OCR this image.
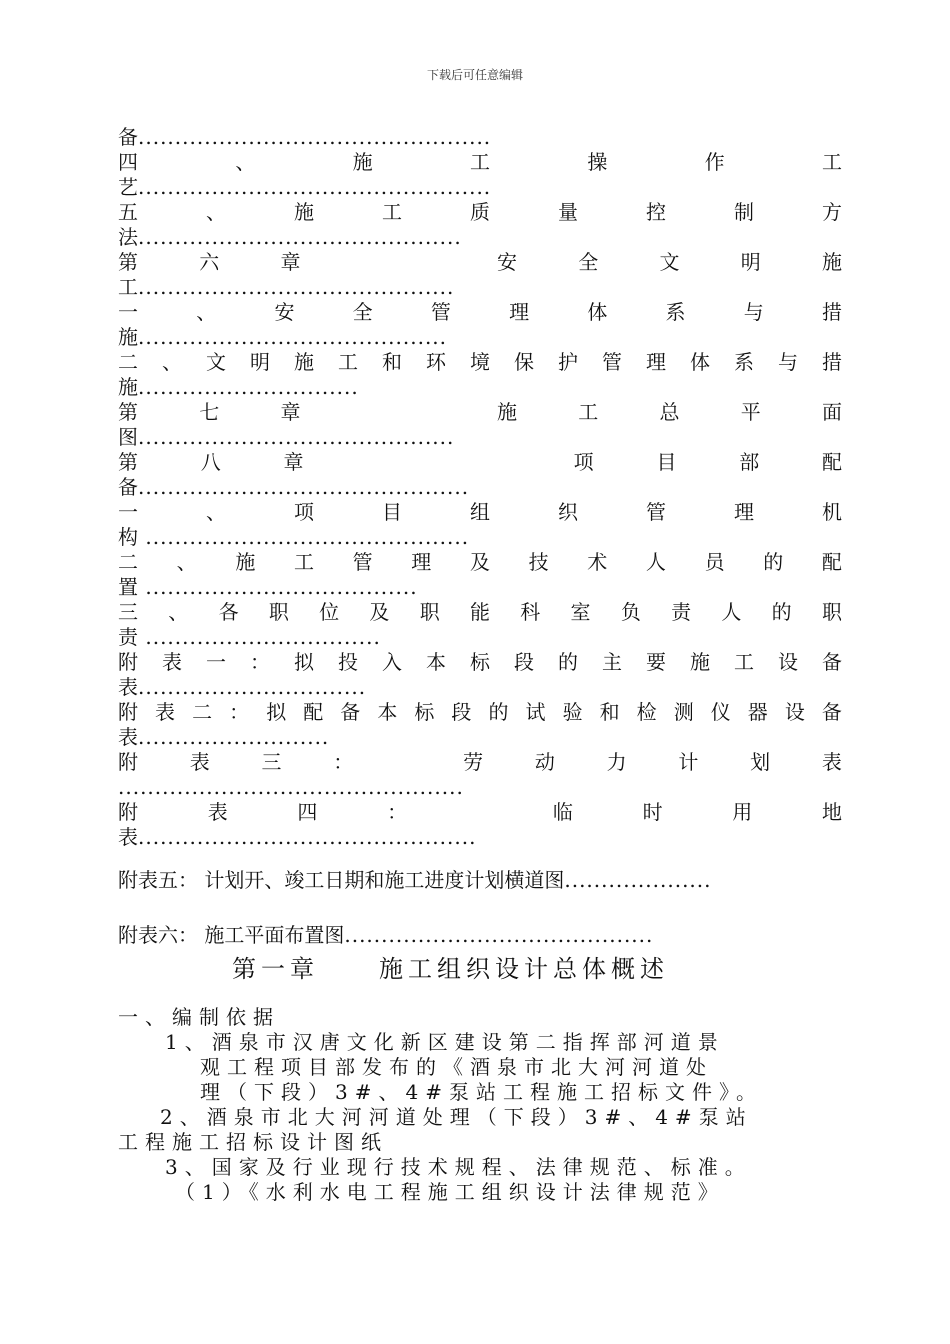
下载后可任意编辑
备................................................
四	、	施	工	操	作	工
艺................................................
五	、	施	工	质	量	控	制	方
法............................................
第	六	章

	安	全	文	明	施
工...........................................
一	、	安	全	管	理	体	系	与	措
施..........................................
二 、 文 明 施 工 和 环 境 保 护 管 理 体 系 与 措
施..............................
第	七	章

	施	工	总	平	面
图...........................................
第	八	章

	项	目	部	配
备.............................................
一	、	项	目	组	织	管	理	机
构 ............................................
二 、 施 工 管 理 及 技 术 人 员 的 配
置 .....................................
三 、 各 职 位 及 职 能 科 室 负 责 人 的 职
责 ................................
附 表 一 ： 拟 投 入 本 标 段 的 主 要 施 工 设 备
表...............................
附 表 二 ： 拟 配 备 本 标 段 的 试 验 和 检 测 仪 器 设 备
表..........................
附	表	三	：
	劳	动	力	计	划	表
...............................................
附	表	四	：
	临	时	用	地
表..............................................
附表五： 计划开、竣工日期和施工进度计划横道图....................
附表六： 施工平面布置图..........................................
第一章	施工组织设计总体概述
一、编制依据
1、酒泉市汉唐文化新区建设第二指挥部河道景
观工程项目部发布的《酒泉市北大河河道处
理（下段）3#、4#泵站工程施工招标文件》。
2、酒泉市北大河河道处理（下段）3#、4#泵站
工程施工招标设计图纸
3、国家及行业现行技术规程、法律规范、标准。
（1）《水利水电工程施工组织设计法律规范》
